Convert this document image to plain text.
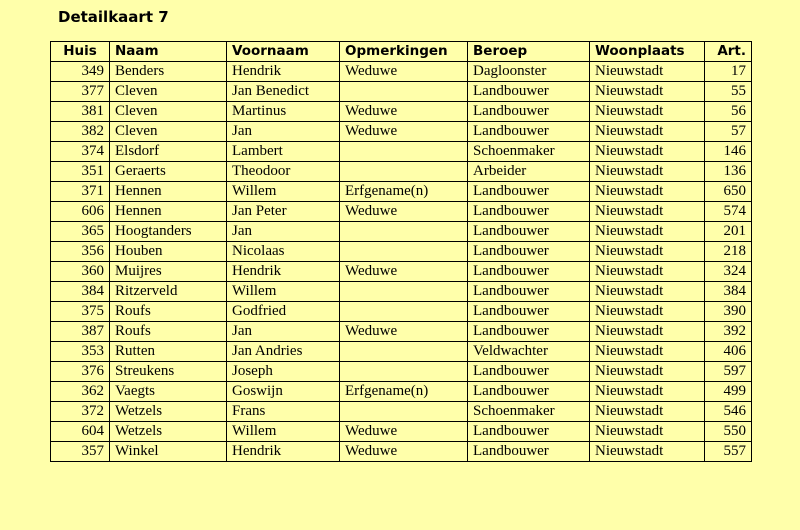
Detailkaart 7
Huis	Naam	Voornaam	Opmerkingen	Beroep	Woonplaats	Art.
349	Benders	Hendrik	Weduwe	Dagloonster	Nieuwstadt	17
377	Cleven	Jan Benedict		Landbouwer	Nieuwstadt	55
381	Cleven	Martinus	Weduwe	Landbouwer	Nieuwstadt	56
382	Cleven	Jan	Weduwe	Landbouwer	Nieuwstadt	57
374	Elsdorf	Lambert		Schoenmaker	Nieuwstadt	146
351	Geraerts	Theodoor		Arbeider	Nieuwstadt	136
371	Hennen	Willem	Erfgename(n)	Landbouwer	Nieuwstadt	650
606	Hennen	Jan Peter	Weduwe	Landbouwer	Nieuwstadt	574
365	Hoogtanders	Jan		Landbouwer	Nieuwstadt	201
356	Houben	Nicolaas		Landbouwer	Nieuwstadt	218
360	Muijres	Hendrik	Weduwe	Landbouwer	Nieuwstadt	324
384	Ritzerveld	Willem		Landbouwer	Nieuwstadt	384
375	Roufs	Godfried		Landbouwer	Nieuwstadt	390
387	Roufs	Jan	Weduwe	Landbouwer	Nieuwstadt	392
353	Rutten	Jan Andries		Veldwachter	Nieuwstadt	406
376	Streukens	Joseph		Landbouwer	Nieuwstadt	597
362	Vaegts	Goswijn	Erfgename(n)	Landbouwer	Nieuwstadt	499
372	Wetzels	Frans		Schoenmaker	Nieuwstadt	546
604	Wetzels	Willem	Weduwe	Landbouwer	Nieuwstadt	550
357	Winkel	Hendrik	Weduwe	Landbouwer	Nieuwstadt	557
